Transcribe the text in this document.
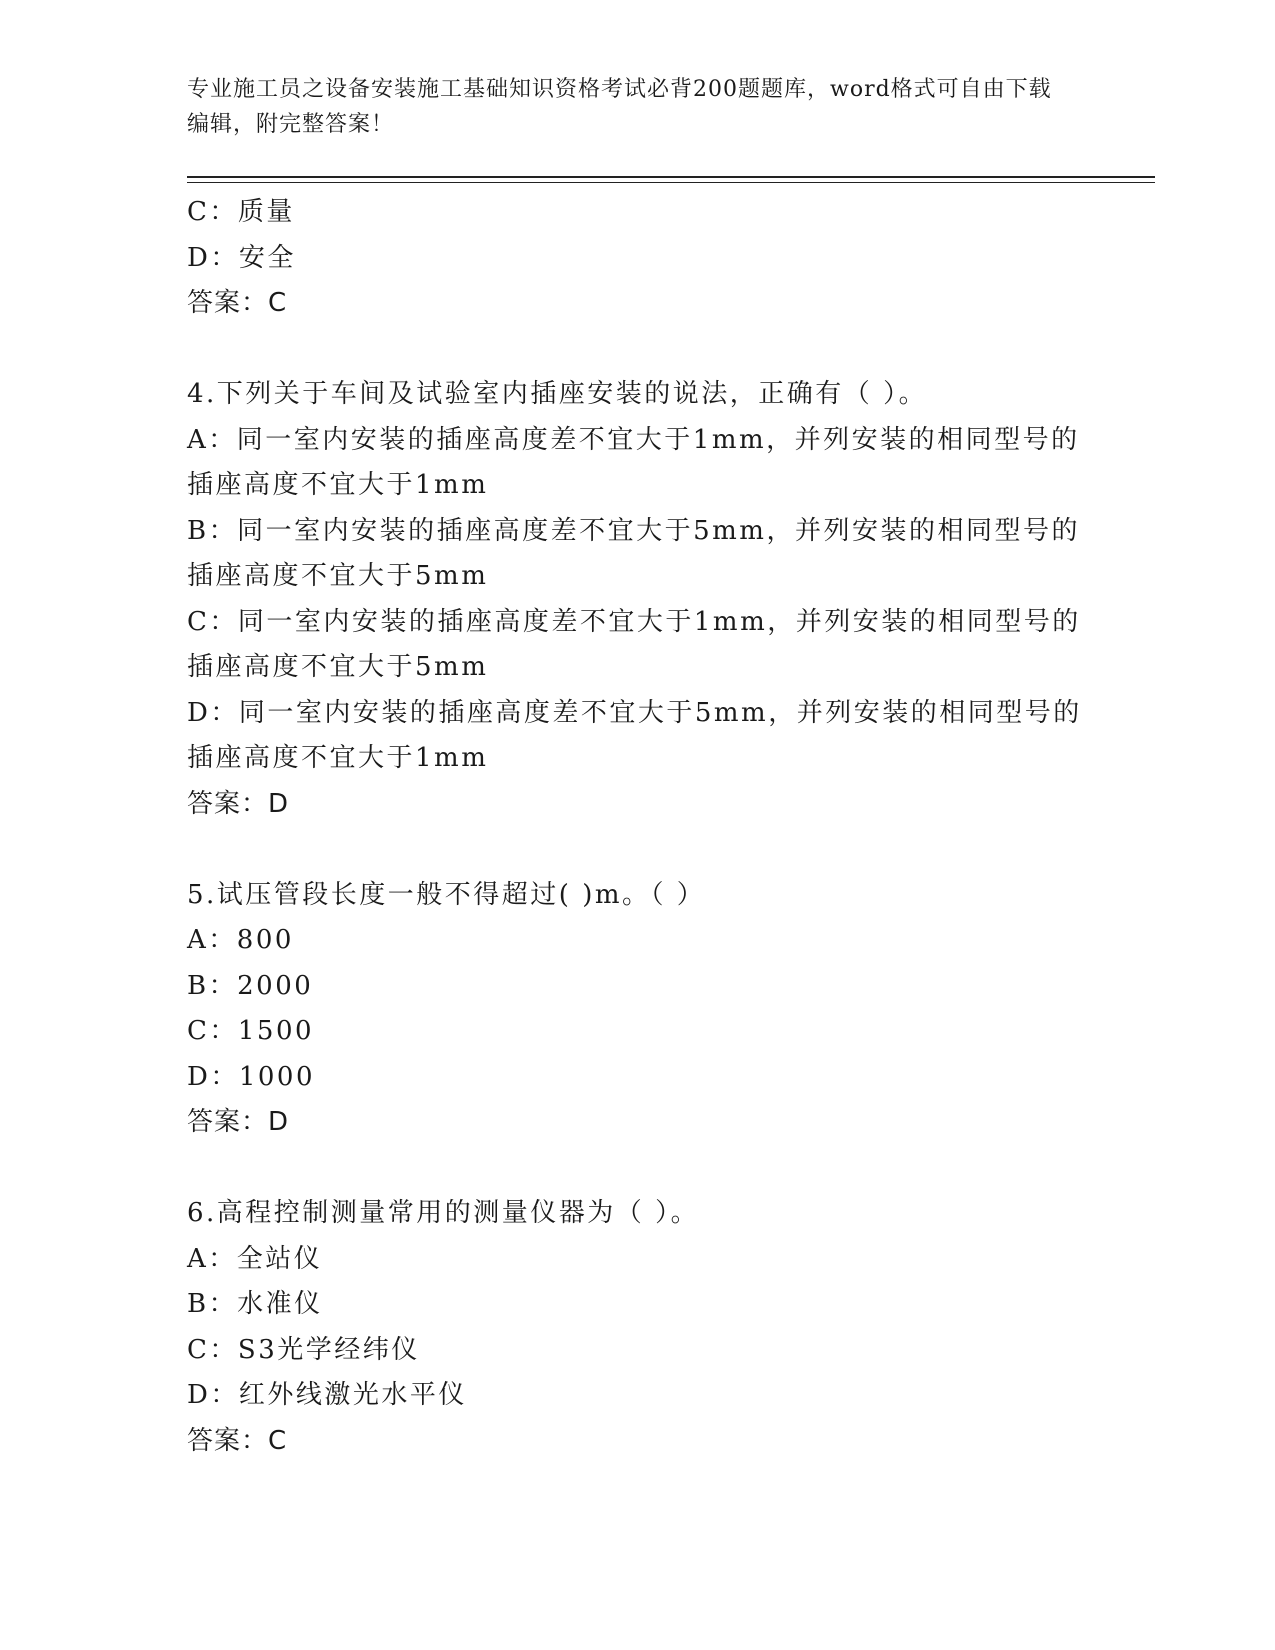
专业施工员之设备安装施工基础知识资格考试必背200题题库，word格式可自由下载编辑，附完整答案！
C：质量
D：安全
答案：C
4.下列关于车间及试验室内插座安装的说法，正确有（ ）。
A：同一室内安装的插座高度差不宜大于1mm，并列安装的相同型号的
插座高度不宜大于1mm
B：同一室内安装的插座高度差不宜大于5mm，并列安装的相同型号的
插座高度不宜大于5mm
C：同一室内安装的插座高度差不宜大于1mm，并列安装的相同型号的
插座高度不宜大于5mm
D：同一室内安装的插座高度差不宜大于5mm，并列安装的相同型号的
插座高度不宜大于1mm
答案：D
5.试压管段长度一般不得超过( )m。（ ）
A：800
B：2000
C：1500
D：1000
答案：D
6.高程控制测量常用的测量仪器为（ ）。
A：全站仪
B：水准仪
C：S3光学经纬仪
D：红外线激光水平仪
答案：C
